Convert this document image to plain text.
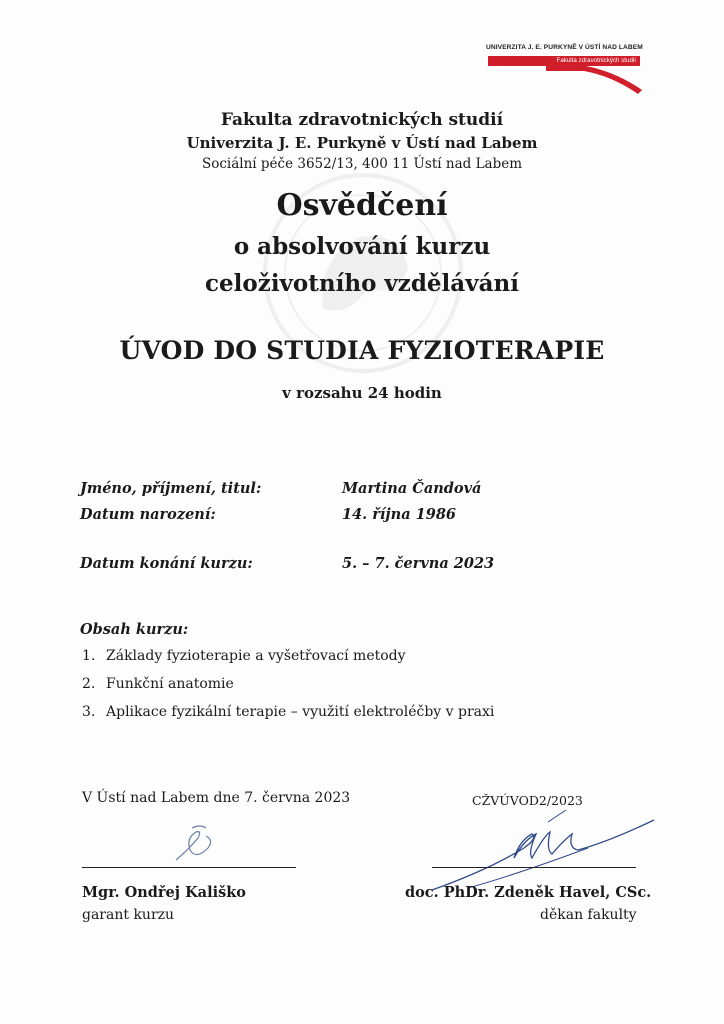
UNIVERZITA J. E. PURKYNĚ V ÚSTÍ NAD LABEM
Fakulta zdravotnických studií
Fakulta zdravotnických studií
Univerzita J. E. Purkyně v Ústí nad Labem
Sociální péče 3652/13, 400 11 Ústí nad Labem
Osvědčení
o absolvování kurzu
celoživotního vzdělávání
ÚVOD DO STUDIA FYZIOTERAPIE
v rozsahu 24 hodin
Jméno, příjmení, titul:	Martina Čandová
Datum narození:	14. října 1986
Datum konání kurzu:	5. – 7. června 2023
Obsah kurzu:
1. Základy fyzioterapie a vyšetřovací metody
2. Funkční anatomie
3. Aplikace fyzikální terapie – využití elektroléčby v praxi
V Ústí nad Labem dne 7. června 2023	CŽVÚVOD2/2023
Mgr. Ondřej Kališko
garant kurzu
doc. PhDr. Zdeněk Havel, CSc.
děkan fakulty
